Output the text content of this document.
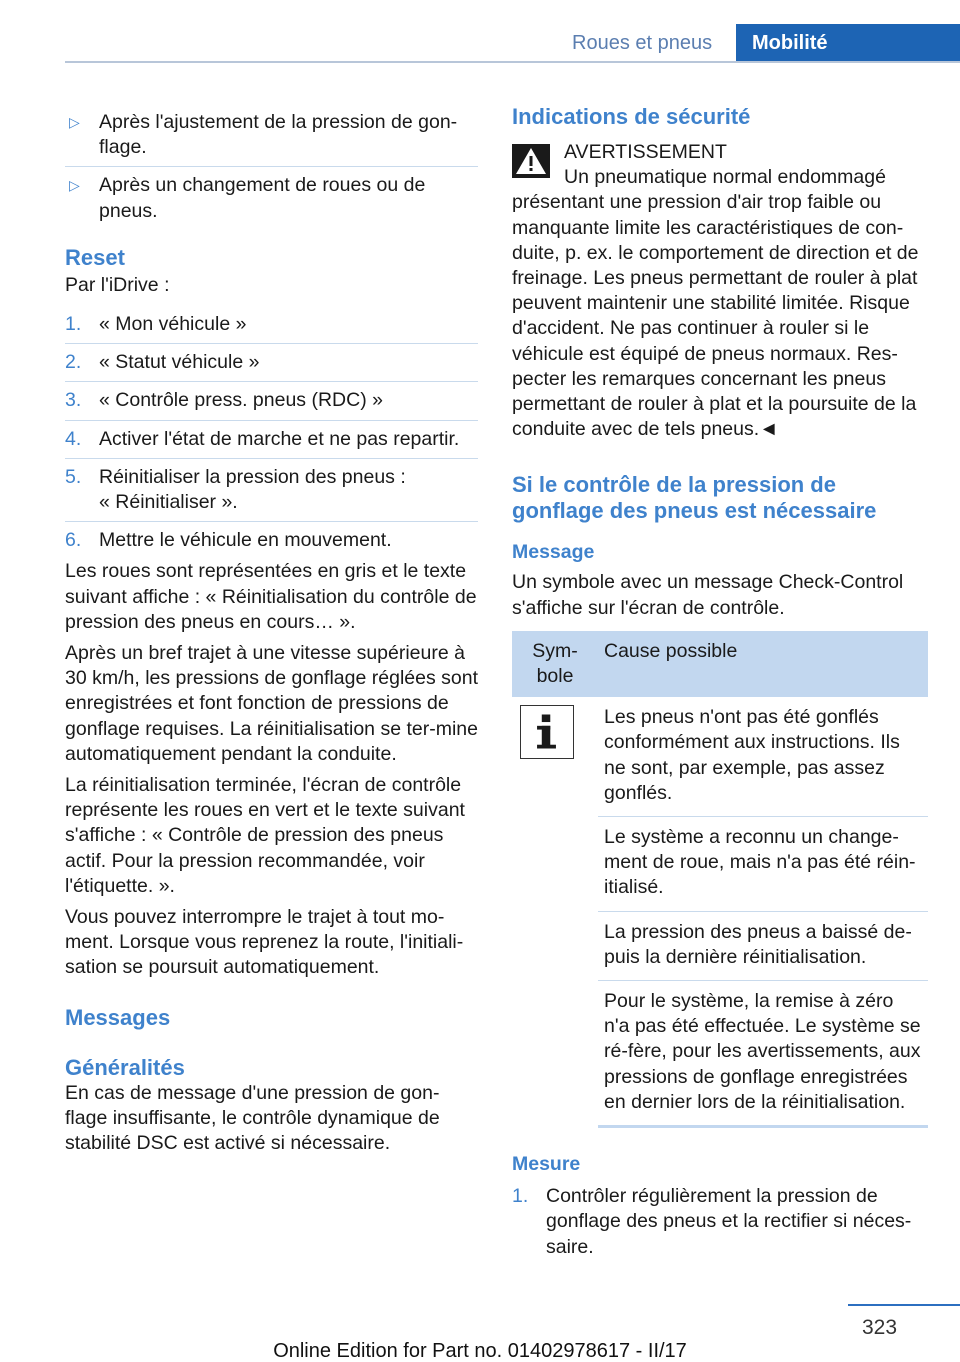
Roues et pneus	Mobilité
▷ Après l'ajustement de la pression de gon-
flage.
▷ Après un changement de roues ou de
pneus.
Reset

Par l'iDrive :

1. « Mon véhicule »
2. « Statut véhicule »
3. « Contrôle press. pneus (RDC) »
4. Activer l'état de marche et ne pas repartir.
5. Réinitialiser la pression des pneus :
« Réinitialiser ».
6. Mettre le véhicule en mouvement.

Les roues sont représentées en gris et le texte suivant affiche : « Réinitialisation du contrôle de pression des pneus en cours… ».

Après un bref trajet à une vitesse supérieure à 30 km/h, les pressions de gonflage réglées sont enregistrées et font fonction de pressions de gonflage requises. La réinitialisation se ter-mine automatiquement pendant la conduite.

La réinitialisation terminée, l'écran de contrôle représente les roues en vert et le texte suivant s'affiche : « Contrôle de pression des pneus actif. Pour la pression recommandée, voir l'étiquette. ».

Vous pouvez interrompre le trajet à tout mo-ment. Lorsque vous reprenez la route, l'initiali-sation se poursuit automatiquement.

Messages
Généralités

En cas de message d'une pression de gon-flage insuffisante, le contrôle dynamique de stabilité DSC est activé si nécessaire.

Indications de sécurité

AVERTISSEMENT

Un pneumatique normal endommagé présentant une pression d'air trop faible ou manquante limite les caractéristiques de con-duite, p. ex. le comportement de direction et de freinage. Les pneus permettant de rouler à plat peuvent maintenir une stabilité limitée. Risque d'accident. Ne pas continuer à rouler si le véhicule est équipé de pneus normaux. Res-pecter les remarques concernant les pneus permettant de rouler à plat et la poursuite de la conduite avec de tels pneus.◄

Si le contrôle de la pression de gonflage des pneus est nécessaire
Message

Un symbole avec un message Check-Control s'affiche sur l'écran de contrôle.

Sym-
bole	Cause possible

	Les pneus n'ont pas été gonflés conformément aux instructions. Ils ne sont, par exemple, pas assez gonflés.
	Le système a reconnu un change-ment de roue, mais n'a pas été réin-itialisé.
	La pression des pneus a baissé de-puis la dernière réinitialisation.
	Pour le système, la remise à zéro n'a pas été effectuée. Le système se ré-fère, pour les avertissements, aux pressions de gonflage enregistrées en dernier lors de la réinitialisation.
Mesure
1. Contrôler régulièrement la pression de gonflage des pneus et la rectifier si néces-saire.
323
Online Edition for Part no. 01402978617 - II/17
